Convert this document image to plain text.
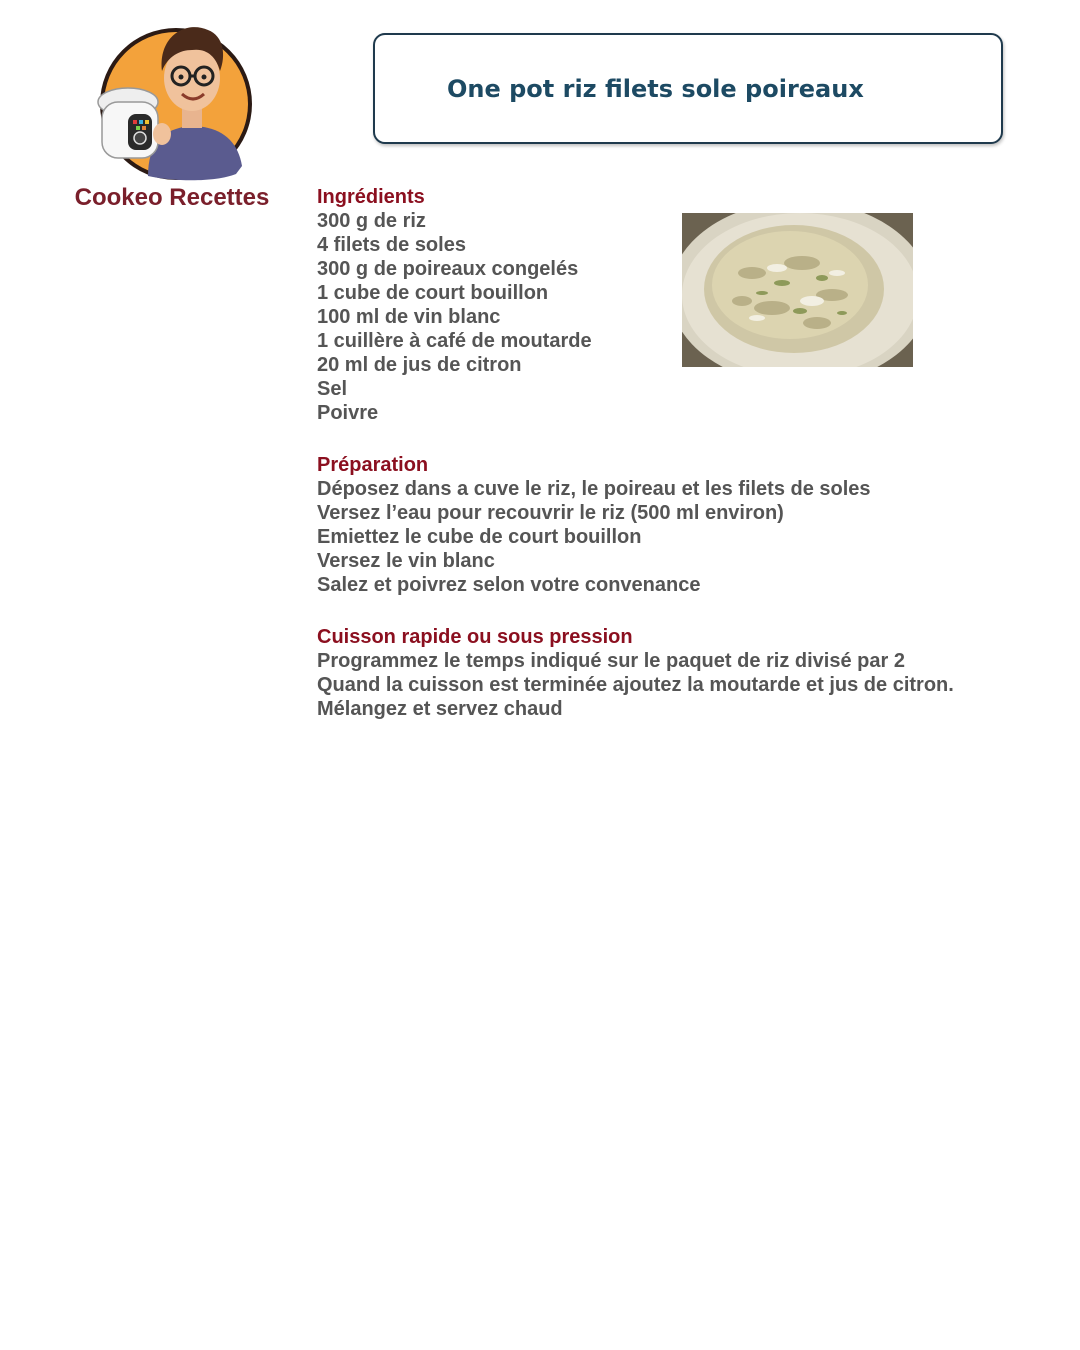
Cookeo Recettes
One pot riz filets sole poireaux

Ingrédients

300 g de riz

4 filets de soles

300 g de poireaux congelés

1 cube de court bouillon

100 ml de vin blanc

1 cuillère à café de moutarde

20 ml de jus de citron

Sel

Poivre

Préparation

Déposez dans a cuve le riz, le poireau et les filets de soles

Versez l’eau pour recouvrir le riz (500 ml environ)

Emiettez le cube de court bouillon

Versez le vin blanc

Salez et poivrez selon votre convenance

Cuisson rapide ou sous pression

Programmez le temps indiqué sur le paquet de riz divisé par 2

Quand la cuisson est terminée ajoutez la moutarde et jus de citron.

Mélangez et servez chaud
